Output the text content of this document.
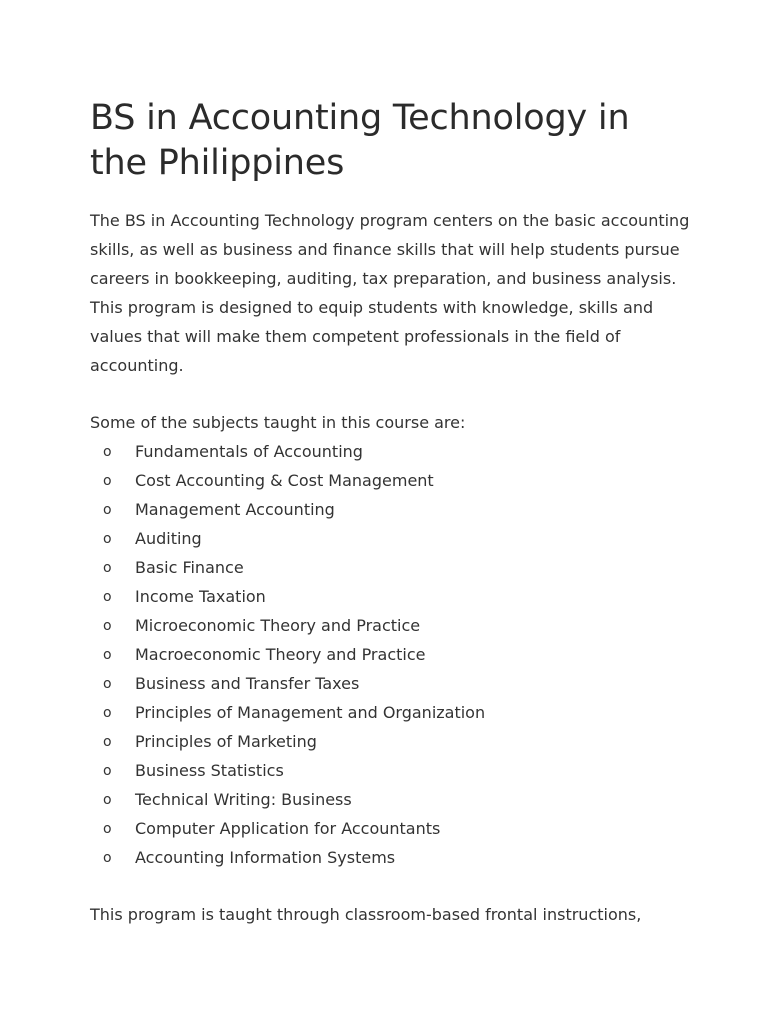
BS in Accounting Technology in the Philippines

The BS in Accounting Technology program centers on the basic accounting skills, as well as business and finance skills that will help students pursue careers in bookkeeping, auditing, tax preparation, and business analysis. This program is designed to equip students with knowledge, skills and values that will make them competent professionals in the field of accounting.

Some of the subjects taught in this course are:

o Fundamentals of Accounting
o Cost Accounting & Cost Management
o Management Accounting
o Auditing
o Basic Finance
o Income Taxation
o Microeconomic Theory and Practice
o Macroeconomic Theory and Practice
o Business and Transfer Taxes
o Principles of Management and Organization
o Principles of Marketing
o Business Statistics
o Technical Writing: Business
o Computer Application for Accountants
o Accounting Information Systems

This program is taught through classroom-based frontal instructions,
